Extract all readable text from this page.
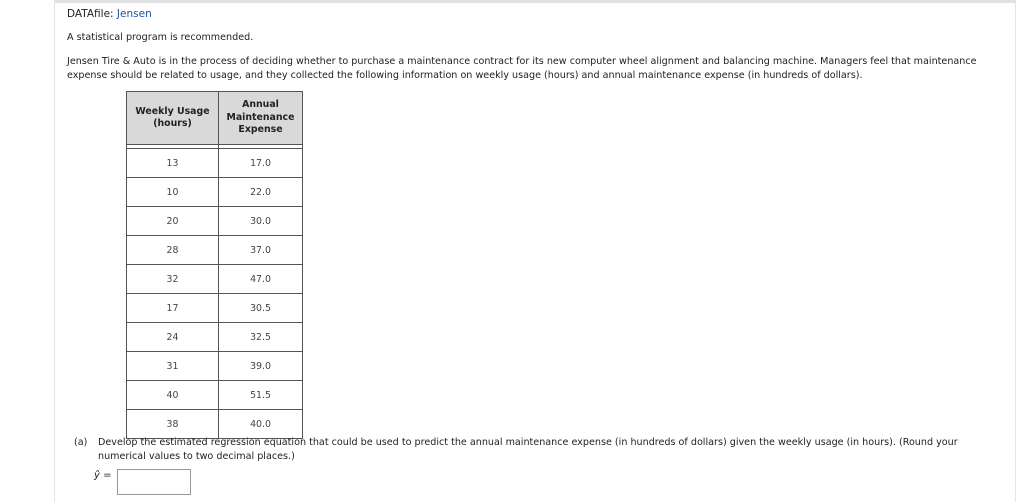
DATAfile: Jensen
A statistical program is recommended.
Jensen Tire & Auto is in the process of deciding whether to purchase a maintenance contract for its new computer wheel alignment and balancing machine. Managers feel that maintenance expense should be related to usage, and they collected the following information on weekly usage (hours) and annual maintenance expense (in hundreds of dollars).
Weekly Usage (hours)	Annual Maintenance Expense

13	17.0
10	22.0
20	30.0
28	37.0
32	47.0
17	30.5
24	32.5
31	39.0
40	51.5
38	40.0
(a) Develop the estimated regression equation that could be used to predict the annual maintenance expense (in hundreds of dollars) given the weekly usage (in hours). (Round your numerical values to two decimal places.)
ŷ =
